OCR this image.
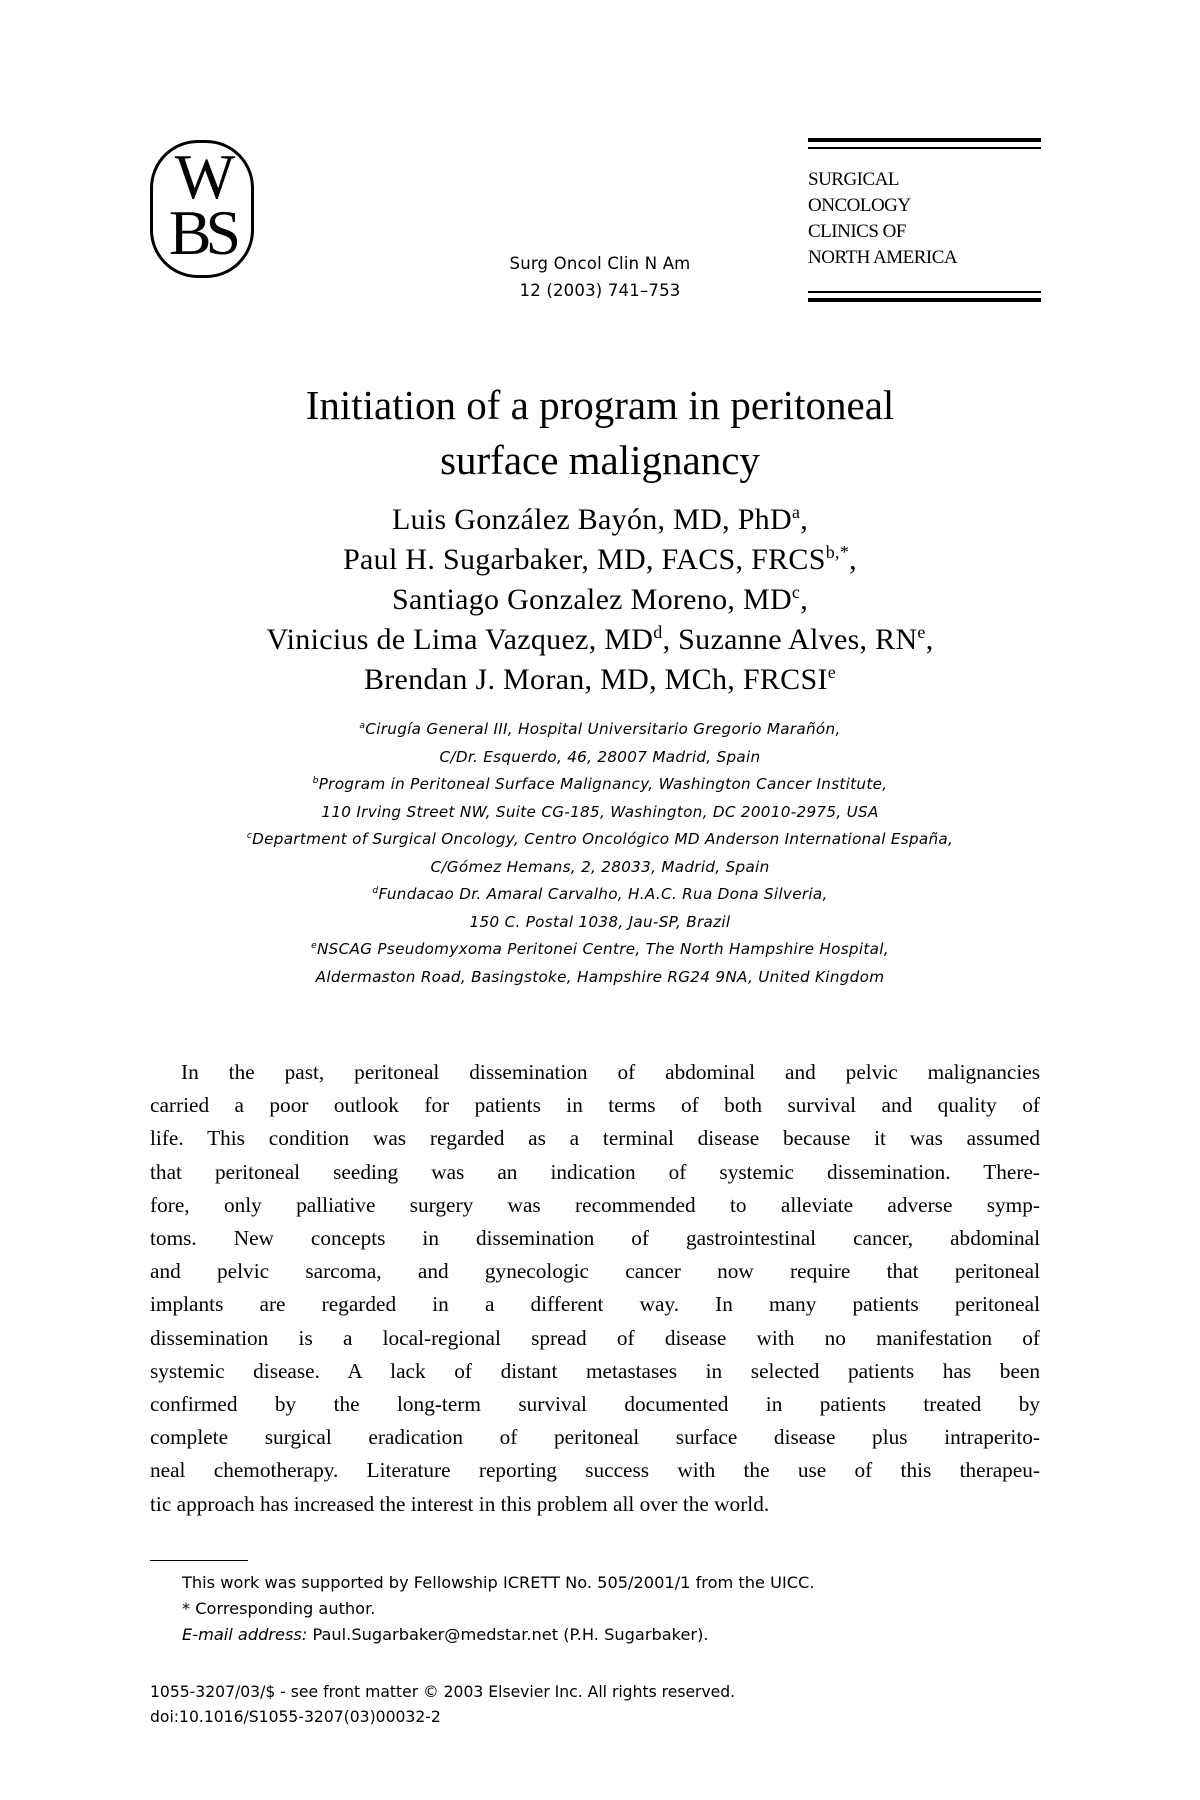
W
BS	Surg Oncol Clin N Am
12 (2003) 741–753
SURGICAL
ONCOLOGY
CLINICS OF
NORTH AMERICA
Initiation of a program in peritoneal
surface malignancy
Luis González Bayón, MD, PhD$^a$,
Paul H. Sugarbaker, MD, FACS, $FRCS^{b,*}$,
Santiago Gonzalez Moreno, $MD^c$,
Vinicius de Lima Vazquez, $MD^d$, Suzanne Alves, $RN^e$,
Brendan J. Moran, MD, MCh, FRCSI$^e$
$^a$Cirugía General III, Hospital Universitario Gregorio Marañón,
C/Dr. Esquerdo, 46, 28007 Madrid, Spain
$^b$Program in Peritoneal Surface Malignancy, Washington Cancer Institute,
110 Irving Street NW, Suite CG-185, Washington, DC 20010-2975, USA
$^c$Department of Surgical Oncology, Centro Oncológico MD Anderson International España,
C/Gómez Hemans, 2, 28033, Madrid, Spain
$^d$Fundacao Dr. Amaral Carvalho, H.A.C. Rua Dona Silveria,
150 C. Postal 1038, Jau-SP, Brazil
$^e$NSCAG Pseudomyxoma Peritonei Centre, The North Hampshire Hospital,
Aldermaston Road, Basingstoke, Hampshire RG24 9NA, United Kingdom
In the past, peritoneal dissemination of abdominal and pelvic malignancies
carried a poor outlook for patients in terms of both survival and quality of
life. This condition was regarded as a terminal disease because it was assumed
that peritoneal seeding was an indication of systemic dissemination. There-
fore, only palliative surgery was recommended to alleviate adverse symp-
toms. New concepts in dissemination of gastrointestinal cancer, abdominal
and pelvic sarcoma, and gynecologic cancer now require that peritoneal
implants are regarded in a different way. In many patients peritoneal
dissemination is a local-regional spread of disease with no manifestation of
systemic disease. A lack of distant metastases in selected patients has been
confirmed by the long-term survival documented in patients treated by
complete surgical eradication of peritoneal surface disease plus intraperito-
neal chemotherapy. Literature reporting success with the use of this therapeu-
tic approach has increased the interest in this problem all over the world.
This work was supported by Fellowship ICRETT No. 505/2001/1 from the UICC.
* Corresponding author.
E-mail address: Paul.Sugarbaker@medstar.net (P.H. Sugarbaker).
1055-3207/03/$ - see front matter © 2003 Elsevier Inc. All rights reserved.
doi:10.1016/S1055-3207(03)00032-2
